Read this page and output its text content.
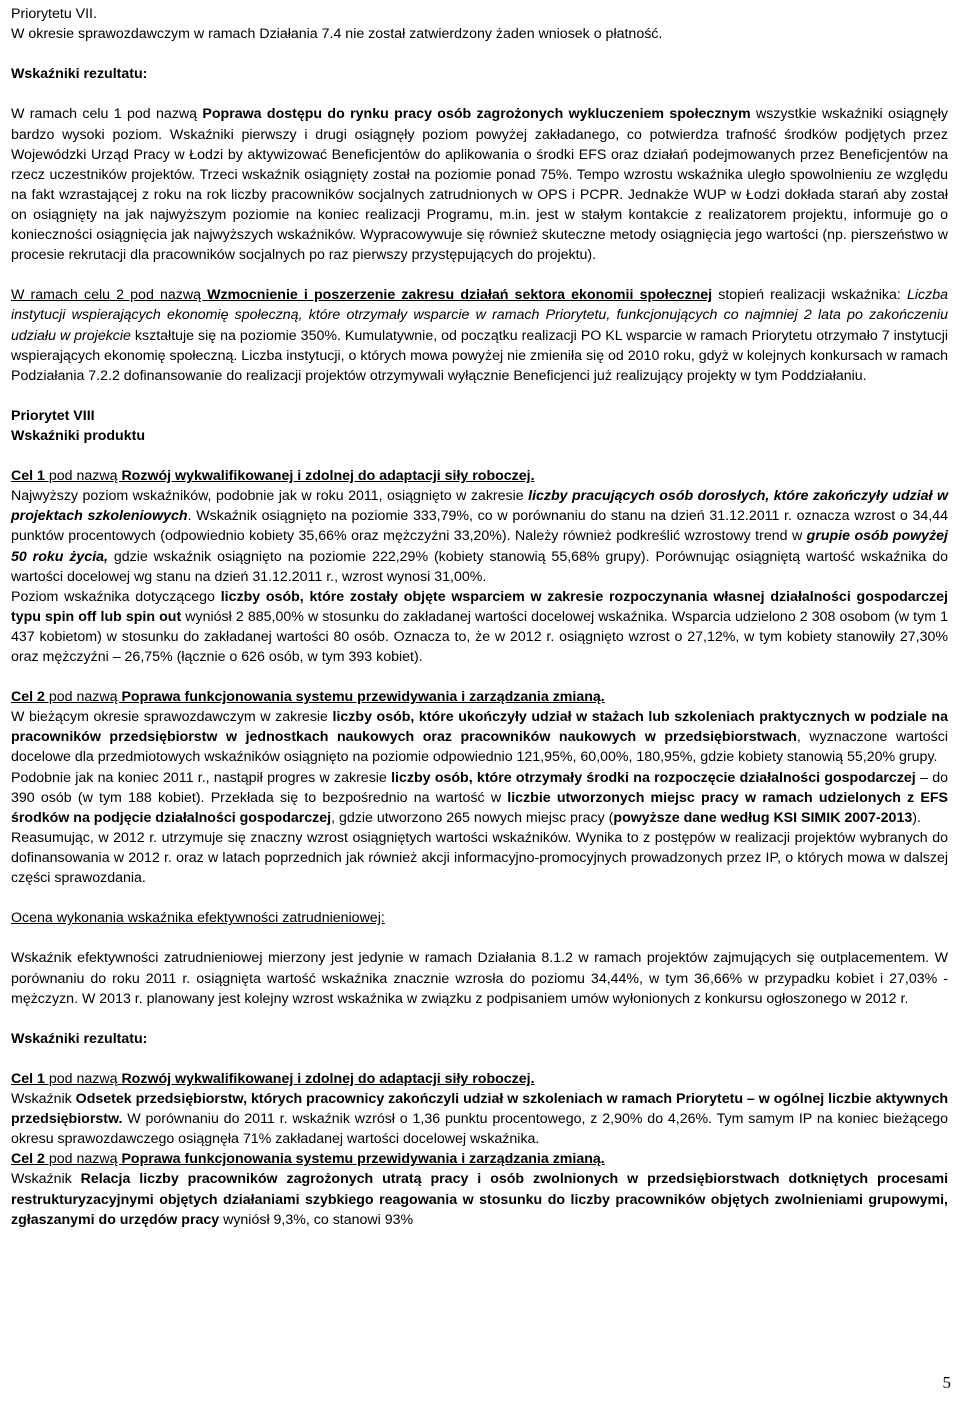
Priorytetu VII.

W okresie sprawozdawczym w ramach Działania 7.4 nie został zatwierdzony żaden wniosek o płatność.

Wskaźniki rezultatu:

W ramach celu 1 pod nazwą Poprawa dostępu do rynku pracy osób zagrożonych wykluczeniem społecznym wszystkie wskaźniki osiągnęły bardzo wysoki poziom. Wskaźniki pierwszy i drugi osiągnęły poziom powyżej zakładanego, co potwierdza trafność środków podjętych przez Wojewódzki Urząd Pracy w Łodzi by aktywizować Beneficjentów do aplikowania o środki EFS oraz działań podejmowanych przez Beneficjentów na rzecz uczestników projektów. Trzeci wskaźnik osiągnięty został na poziomie ponad 75%. Tempo wzrostu wskaźnika uległo spowolnieniu ze względu na fakt wzrastającej z roku na rok liczby pracowników socjalnych zatrudnionych w OPS i PCPR. Jednakże WUP w Łodzi dokłada starań aby został on osiągnięty na jak najwyższym poziomie na koniec realizacji Programu, m.in. jest w stałym kontakcie z realizatorem projektu, informuje go o konieczności osiągnięcia jak najwyższych wskaźników. Wypracowywuje się również skuteczne metody osiągnięcia jego wartości (np. pierszeństwo w procesie rekrutacji dla pracowników socjalnych po raz pierwszy przystępujących do projektu).

W ramach celu 2 pod nazwą Wzmocnienie i poszerzenie zakresu działań sektora ekonomii społecznej stopień realizacji wskaźnika: Liczba instytucji wspierających ekonomię społeczną, które otrzymały wsparcie w ramach Priorytetu, funkcjonujących co najmniej 2 lata po zakończeniu udziału w projekcie kształtuje się na poziomie 350%. Kumulatywnie, od początku realizacji PO KL wsparcie w ramach Priorytetu otrzymało 7 instytucji wspierających ekonomię społeczną. Liczba instytucji, o których mowa powyżej nie zmieniła się od 2010 roku, gdyż w kolejnych konkursach w ramach Podziałania 7.2.2 dofinansowanie do realizacji projektów otrzymywali wyłącznie Beneficjenci już realizujący projekty w tym Poddziałaniu.

Priorytet VIII

Wskaźniki produktu

Cel 1 pod nazwą Rozwój wykwalifikowanej i zdolnej do adaptacji siły roboczej.

Najwyższy poziom wskaźników, podobnie jak w roku 2011, osiągnięto w zakresie liczby pracujących osób dorosłych, które zakończyły udział w projektach szkoleniowych. Wskaźnik osiągnięto na poziomie 333,79%, co w porównaniu do stanu na dzień 31.12.2011 r. oznacza wzrost o 34,44 punktów procentowych (odpowiednio kobiety 35,66% oraz mężczyźni 33,20%). Należy również podkreślić wzrostowy trend w grupie osób powyżej 50 roku życia, gdzie wskaźnik osiągnięto na poziomie 222,29% (kobiety stanowią 55,68% grupy). Porównując osiągniętą wartość wskaźnika do wartości docelowej wg stanu na dzień 31.12.2011 r., wzrost wynosi 31,00%.

Poziom wskaźnika dotyczącego liczby osób, które zostały objęte wsparciem w zakresie rozpoczynania własnej działalności gospodarczej typu spin off lub spin out wyniósł 2 885,00% w stosunku do zakładanej wartości docelowej wskaźnika. Wsparcia udzielono 2 308 osobom (w tym 1 437 kobietom) w stosunku do zakładanej wartości 80 osób. Oznacza to, że w 2012 r. osiągnięto wzrost o 27,12%, w tym kobiety stanowiły 27,30% oraz mężczyźni – 26,75% (łącznie o 626 osób, w tym 393 kobiet).

Cel 2 pod nazwą Poprawa funkcjonowania systemu przewidywania i zarządzania zmianą.

W bieżącym okresie sprawozdawczym w zakresie liczby osób, które ukończyły udział w stażach lub szkoleniach praktycznych w podziale na pracowników przedsiębiorstw w jednostkach naukowych oraz pracowników naukowych w przedsiębiorstwach, wyznaczone wartości docelowe dla przedmiotowych wskaźników osiągnięto na poziomie odpowiednio 121,95%, 60,00%, 180,95%, gdzie kobiety stanowią 55,20% grupy.

Podobnie jak na koniec 2011 r., nastąpił progres w zakresie liczby osób, które otrzymały środki na rozpoczęcie działalności gospodarczej – do 390 osób (w tym 188 kobiet). Przekłada się to bezpośrednio na wartość w liczbie utworzonych miejsc pracy w ramach udzielonych z EFS środków na podjęcie działalności gospodarczej, gdzie utworzono 265 nowych miejsc pracy (powyższe dane według KSI SIMIK 2007-2013).

Reasumując, w 2012 r. utrzymuje się znaczny wzrost osiągniętych wartości wskaźników. Wynika to z postępów w realizacji projektów wybranych do dofinansowania w 2012 r. oraz w latach poprzednich jak również akcji informacyjno-promocyjnych prowadzonych przez IP, o których mowa w dalszej części sprawozdania.

Ocena wykonania wskaźnika efektywności zatrudnieniowej:

Wskaźnik efektywności zatrudnieniowej mierzony jest jedynie w ramach Działania 8.1.2 w ramach projektów zajmujących się outplacementem. W porównaniu do roku 2011 r. osiągnięta wartość wskaźnika znacznie wzrosła do poziomu 34,44%, w tym 36,66% w przypadku kobiet i 27,03% - mężczyzn. W 2013 r. planowany jest kolejny wzrost wskaźnika w związku z podpisaniem umów wyłonionych z konkursu ogłoszonego w 2012 r.

Wskaźniki rezultatu:

Cel 1 pod nazwą Rozwój wykwalifikowanej i zdolnej do adaptacji siły roboczej.

Wskaźnik Odsetek przedsiębiorstw, których pracownicy zakończyli udział w szkoleniach w ramach Priorytetu – w ogólnej liczbie aktywnych przedsiębiorstw. W porównaniu do 2011 r. wskaźnik wzrósł o 1,36 punktu procentowego, z 2,90% do 4,26%. Tym samym IP na koniec bieżącego okresu sprawozdawczego osiągnęła 71% zakładanej wartości docelowej wskaźnika.

Cel 2 pod nazwą Poprawa funkcjonowania systemu przewidywania i zarządzania zmianą.

Wskaźnik Relacja liczby pracowników zagrożonych utratą pracy i osób zwolnionych w przedsiębiorstwach dotkniętych procesami restrukturyzacyjnymi objętych działaniami szybkiego reagowania w stosunku do liczby pracowników objętych zwolnieniami grupowymi, zgłaszanymi do urzędów pracy wyniósł 9,3%, co stanowi 93%

5
